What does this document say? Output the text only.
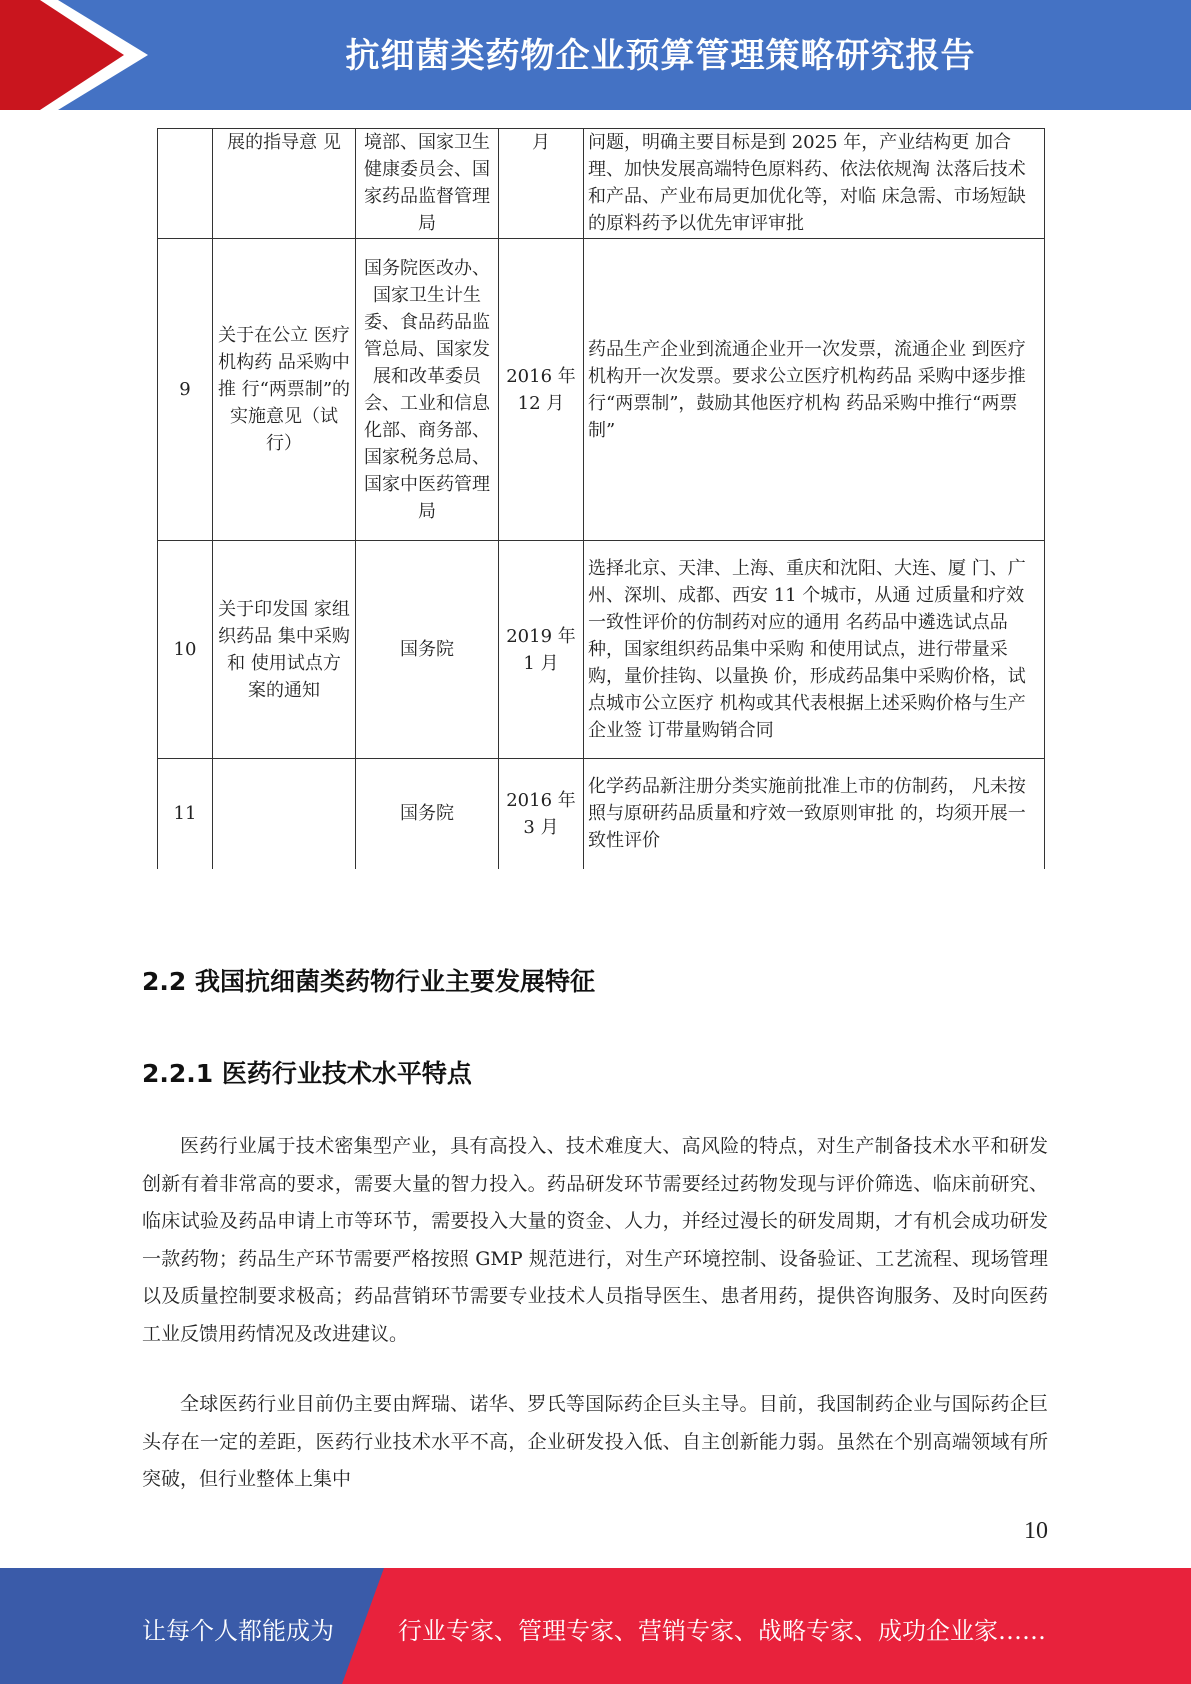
抗细菌类药物企业预算管理策略研究报告
	展的指导意 见	境部、国家卫生健康委员会、国家药品监督管理局	月	问题，明确主要目标是到 2025 年，产业结构更 加合理、加快发展高端特色原料药、依法依规淘 汰落后技术和产品、产业布局更加优化等，对临 床急需、市场短缺的原料药予以优先审评审批
9	关于在公立 医疗机构药 品采购中推 行“两票制”的实施意见（试行）	国务院医改办、国家卫生计生委、食品药品监管总局、国家发展和改革委员会、工业和信息化部、商务部、国家税务总局、国家中医药管理局	2016 年 12 月	药品生产企业到流通企业开一次发票，流通企业 到医疗机构开一次发票。要求公立医疗机构药品 采购中逐步推行“两票制”，鼓励其他医疗机构 药品采购中推行“两票制”
10	关于印发国 家组织药品 集中采购和 使用试点方 案的通知	国务院	2019 年 1 月	选择北京、天津、上海、重庆和沈阳、大连、厦 门、广州、深圳、成都、西安 11 个城市，从通 过质量和疗效一致性评价的仿制药对应的通用 名药品中遴选试点品种，国家组织药品集中采购 和使用试点，进行带量采购，量价挂钩、以量换 价，形成药品集中采购价格，试点城市公立医疗 机构或其代表根据上述采购价格与生产企业签 订带量购销合同
11		国务院	2016 年 3 月	化学药品新注册分类实施前批准上市的仿制药， 凡未按照与原研药品质量和疗效一致原则审批 的，均须开展一致性评价
2.2 我国抗细菌类药物行业主要发展特征
2.2.1 医药行业技术水平特点
医药行业属于技术密集型产业，具有高投入、技术难度大、高风险的特点，对生产制备技术水平和研发创新有着非常高的要求，需要大量的智力投入。药品研发环节需要经过药物发现与评价筛选、临床前研究、临床试验及药品申请上市等环节，需要投入大量的资金、人力，并经过漫长的研发周期，才有机会成功研发一款药物；药品生产环节需要严格按照 GMP 规范进行，对生产环境控制、设备验证、工艺流程、现场管理以及质量控制要求极高；药品营销环节需要专业技术人员指导医生、患者用药，提供咨询服务、及时向医药工业反馈用药情况及改进建议。
全球医药行业目前仍主要由辉瑞、诺华、罗氏等国际药企巨头主导。目前，我国制药企业与国际药企巨头存在一定的差距，医药行业技术水平不高，企业研发投入低、自主创新能力弱。虽然在个别高端领域有所突破，但行业整体上集中
10
让每个人都能成为	行业专家、管理专家、营销专家、战略专家、成功企业家……
